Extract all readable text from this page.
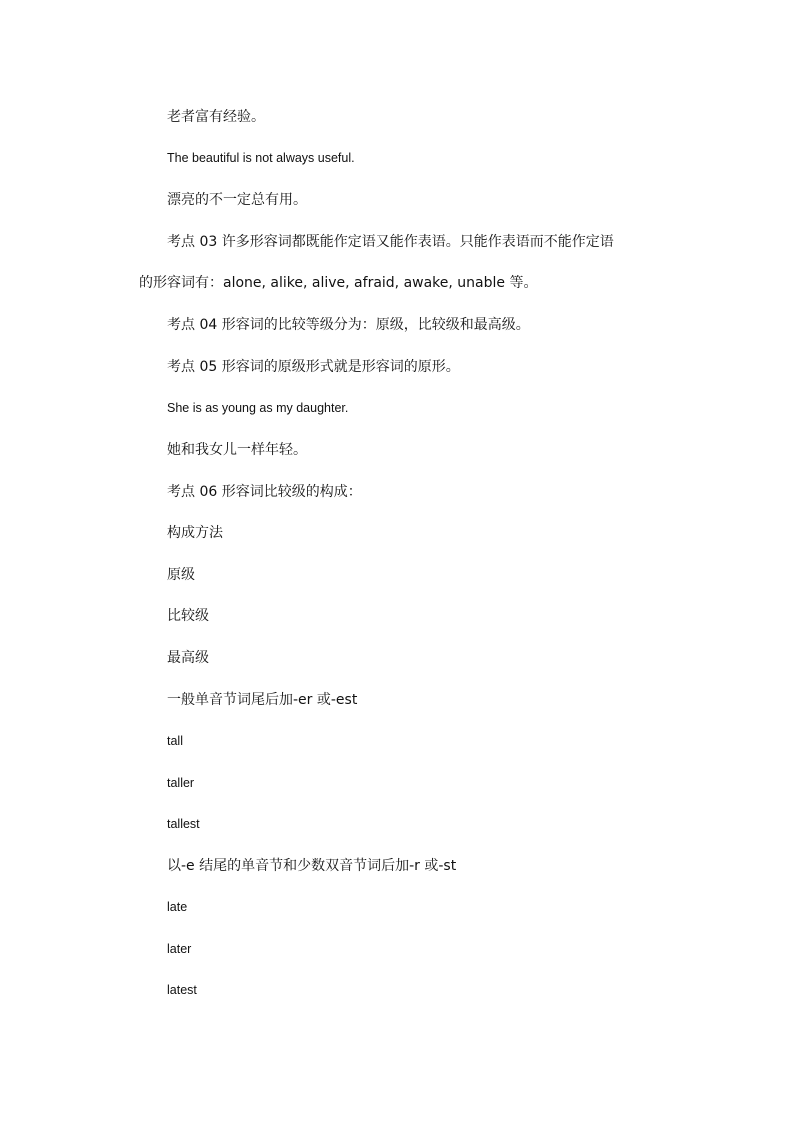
老者富有经验。
The beautiful is not always useful.
漂亮的不一定总有用。
考点 03 许多形容词都既能作定语又能作表语。只能作表语而不能作定语
的形容词有：alone, alike, alive, afraid, awake, unable 等。
考点 04 形容词的比较等级分为：原级，比较级和最高级。
考点 05 形容词的原级形式就是形容词的原形。
She is as young as my daughter.
她和我女儿一样年轻。
考点 06 形容词比较级的构成：
构成方法
原级
比较级
最高级
一般单音节词尾后加-er 或-est
tall
taller
tallest
以-e 结尾的单音节和少数双音节词后加-r 或-st
late
later
latest
